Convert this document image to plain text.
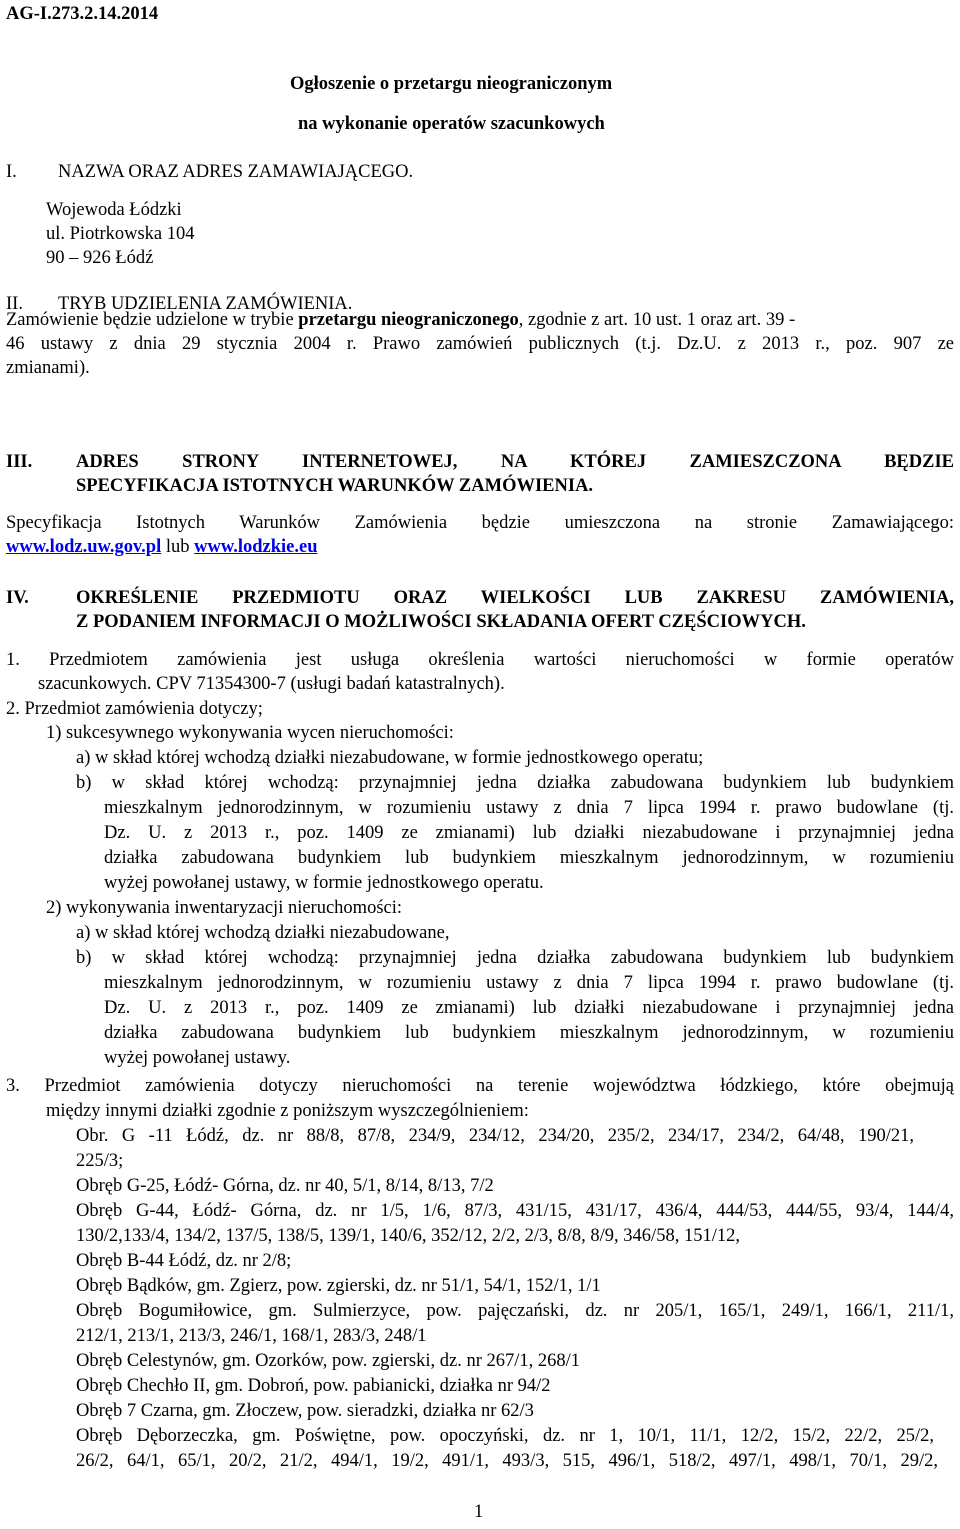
AG-I.273.2.14.2014
Ogłoszenie o przetargu nieograniczonym
na wykonanie operatów szacunkowych
I. NAZWA ORAZ ADRES ZAMAWIAJĄCEGO.
Wojewoda Łódzki
ul. Piotrkowska 104
90 – 926 Łódź
II. TRYB UDZIELENIA ZAMÓWIENIA.
Zamówienie będzie udzielone w trybie przetargu nieograniczonego, zgodnie z art. 10 ust. 1 oraz art. 39 -
46 ustawy z dnia 29 stycznia 2004 r. Prawo zamówień publicznych (t.j. Dz.U. z 2013 r., poz. 907 ze
zmianami).
III. ADRES STRONY INTERNETOWEJ, NA KTÓREJ ZAMIESZCZONA BĘDZIE
SPECYFIKACJA ISTOTNYCH WARUNKÓW ZAMÓWIENIA.
Specyfikacja Istotnych Warunków Zamówienia będzie umieszczona na stronie Zamawiającego:
www.lodz.uw.gov.pl lub www.lodzkie.eu
IV.	OKREŚLENIE PRZEDMIOTU ORAZ WIELKOŚCI LUB ZAKRESU ZAMÓWIENIA,
Z PODANIEM INFORMACJI O MOŻLIWOŚCI SKŁADANIA OFERT CZĘŚCIOWYCH.
1. Przedmiotem zamówienia jest usługa określenia wartości nieruchomości w formie operatów
szacunkowych. CPV 71354300-7 (usługi badań katastralnych).
2. Przedmiot zamówienia dotyczy;
1) sukcesywnego wykonywania wycen nieruchomości:
a) w skład której wchodzą działki niezabudowane, w formie jednostkowego operatu;
b) w skład której wchodzą: przynajmniej jedna działka zabudowana budynkiem lub budynkiem
mieszkalnym jednorodzinnym, w rozumieniu ustawy z dnia 7 lipca 1994 r. prawo budowlane (tj.
Dz. U. z 2013 r., poz. 1409 ze zmianami) lub działki niezabudowane i przynajmniej jedna
działka zabudowana budynkiem lub budynkiem mieszkalnym jednorodzinnym, w rozumieniu
wyżej powołanej ustawy, w formie jednostkowego operatu.
2) wykonywania inwentaryzacji nieruchomości:
a) w skład której wchodzą działki niezabudowane,
b) w skład której wchodzą: przynajmniej jedna działka zabudowana budynkiem lub budynkiem
mieszkalnym jednorodzinnym, w rozumieniu ustawy z dnia 7 lipca 1994 r. prawo budowlane (tj.
Dz. U. z 2013 r., poz. 1409 ze zmianami) lub działki niezabudowane i przynajmniej jedna
działka zabudowana budynkiem lub budynkiem mieszkalnym jednorodzinnym, w rozumieniu
wyżej powołanej ustawy.
3. Przedmiot zamówienia dotyczy nieruchomości na terenie województwa łódzkiego, które obejmują
między innymi działki zgodnie z poniższym wyszczególnieniem:
Obr. G -11 Łódź, dz. nr 88/8, 87/8, 234/9, 234/12, 234/20, 235/2, 234/17, 234/2, 64/48, 190/21,
225/3;
Obręb G-25, Łódź- Górna, dz. nr 40, 5/1, 8/14, 8/13, 7/2
Obręb G-44, Łódź- Górna, dz. nr 1/5, 1/6, 87/3, 431/15, 431/17, 436/4, 444/53, 444/55, 93/4, 144/4,
130/2,133/4, 134/2, 137/5, 138/5, 139/1, 140/6, 352/12, 2/2, 2/3, 8/8, 8/9, 346/58, 151/12,
Obręb B-44 Łódź, dz. nr 2/8;
Obręb Bądków, gm. Zgierz, pow. zgierski, dz. nr 51/1, 54/1, 152/1, 1/1
Obręb Bogumiłowice, gm. Sulmierzyce, pow. pajęczański, dz. nr 205/1, 165/1, 249/1, 166/1, 211/1,
212/1, 213/1, 213/3, 246/1, 168/1, 283/3, 248/1
Obręb Celestynów, gm. Ozorków, pow. zgierski, dz. nr 267/1, 268/1
Obręb Chechło II, gm. Dobroń, pow. pabianicki, działka nr 94/2
Obręb 7 Czarna, gm. Złoczew, pow. sieradzki, działka nr 62/3
Obręb Dęborzeczka, gm. Poświętne, pow. opoczyński, dz. nr 1, 10/1, 11/1, 12/2, 15/2, 22/2, 25/2,
26/2, 64/1, 65/1, 20/2, 21/2, 494/1, 19/2, 491/1, 493/3, 515, 496/1, 518/2, 497/1, 498/1, 70/1, 29/2,
1
